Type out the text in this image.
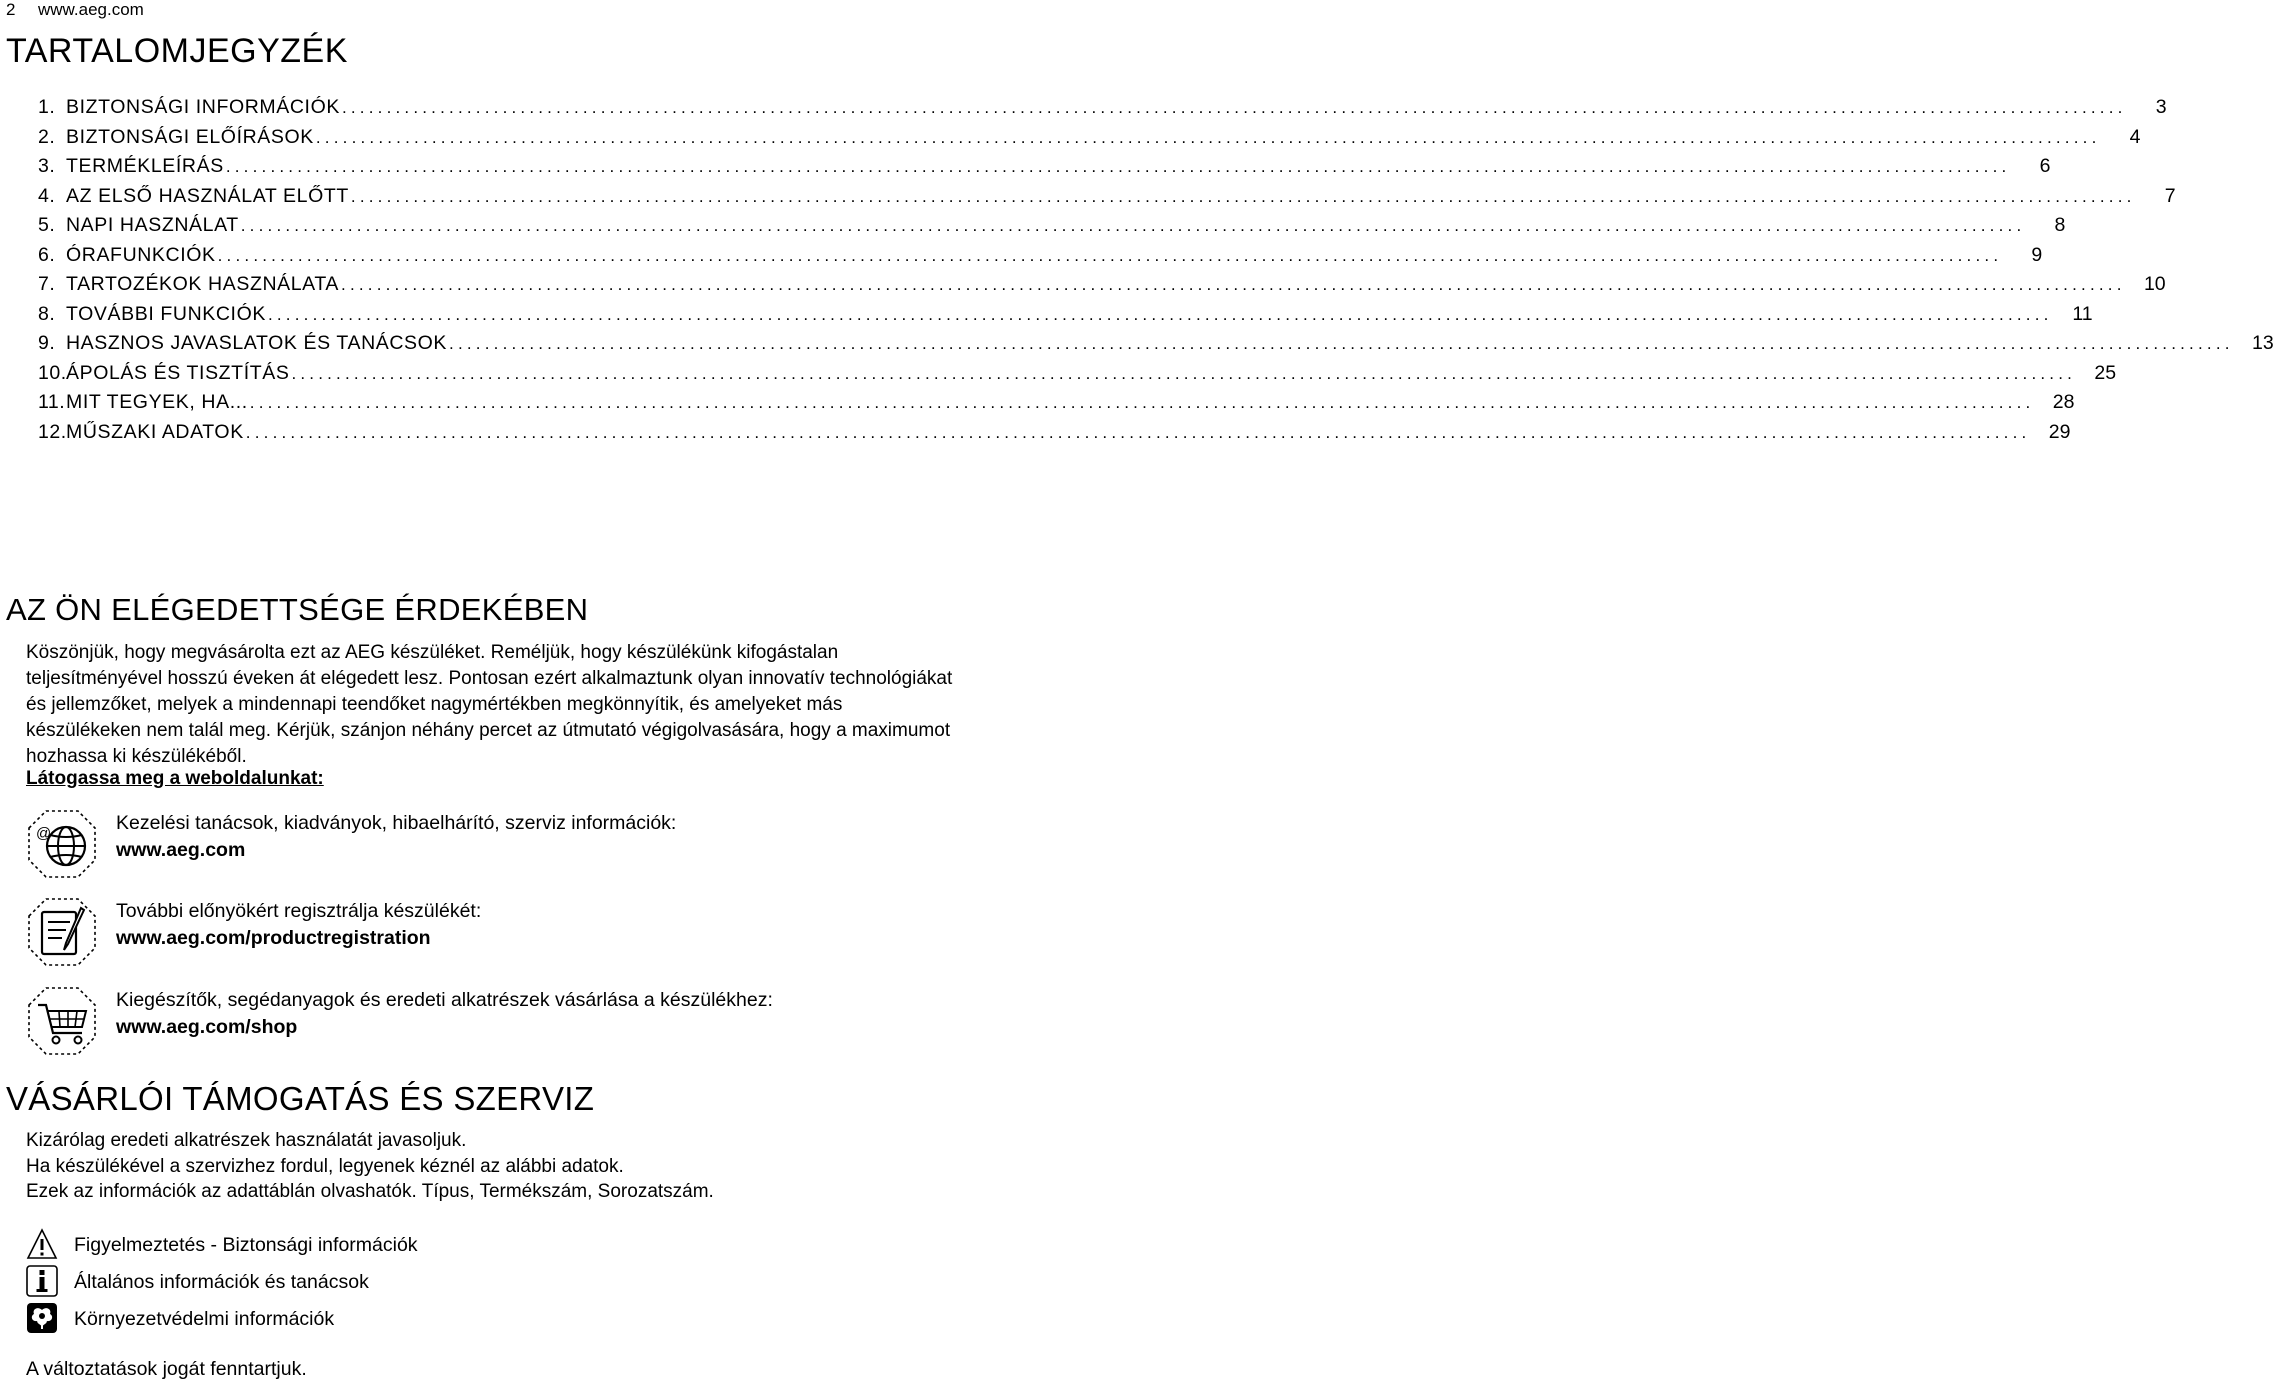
2 www.aeg.com
TARTALOMJEGYZÉK
1. BIZTONSÁGI INFORMÁCIÓK ........................................................................................................................................................................................................	3
2. BIZTONSÁGI ELŐÍRÁSOK ........................................................................................................................................................................................................	4
3. TERMÉKLEÍRÁS ........................................................................................................................................................................................................	6
4. AZ ELSŐ HASZNÁLAT ELŐTT ........................................................................................................................................................................................................	7
5. NAPI HASZNÁLAT ........................................................................................................................................................................................................	8
6. ÓRAFUNKCIÓK ........................................................................................................................................................................................................	9
7. TARTOZÉKOK HASZNÁLATA ........................................................................................................................................................................................................ 10
8. TOVÁBBI FUNKCIÓK ........................................................................................................................................................................................................	11
9. HASZNOS JAVASLATOK ÉS TANÁCSOK ........................................................................................................................................................................................................ 13
10. ÁPOLÁS ÉS TISZTÍTÁS ........................................................................................................................................................................................................ 25
11. MIT TEGYEK, HA... ........................................................................................................................................................................................................ 28
12. MŰSZAKI ADATOK ........................................................................................................................................................................................................ 29
AZ ÖN ELÉGEDETTSÉGE ÉRDEKÉBEN

Köszönjük, hogy megvásárolta ezt az AEG készüléket. Reméljük, hogy készülékünk kifogástalan teljesítményével hosszú éveken át elégedett lesz. Pontosan ezért alkalmaztunk olyan innovatív technológiákat és jellemzőket, melyek a mindennapi teendőket nagymértékben megkönnyítik, és amelyeket más készülékeken nem talál meg. Kérjük, szánjon néhány percet az útmutató végigolvasására, hogy a maximumot hozhassa ki készülékéből.

Látogassa meg a weboldalunkat:
@	Kezelési tanácsok, kiadványok, hibaelhárító, szerviz információk:
www.aeg.com
További előnyökért regisztrálja készülékét:
www.aeg.com/productregistration
Kiegészítők, segédanyagok és eredeti alkatrészek vásárlása a készülékhez:
www.aeg.com/shop
VÁSÁRLÓI TÁMOGATÁS ÉS SZERVIZ
Kizárólag eredeti alkatrészek használatát javasoljuk.
Ha készülékével a szervizhez fordul, legyenek kéznél az alábbi adatok.
Ezek az információk az adattáblán olvashatók. Típus, Termékszám, Sorozatszám.
Figyelmeztetés - Biztonsági információk
Általános információk és tanácsok
Környezetvédelmi információk
A változtatások jogát fenntartjuk.
